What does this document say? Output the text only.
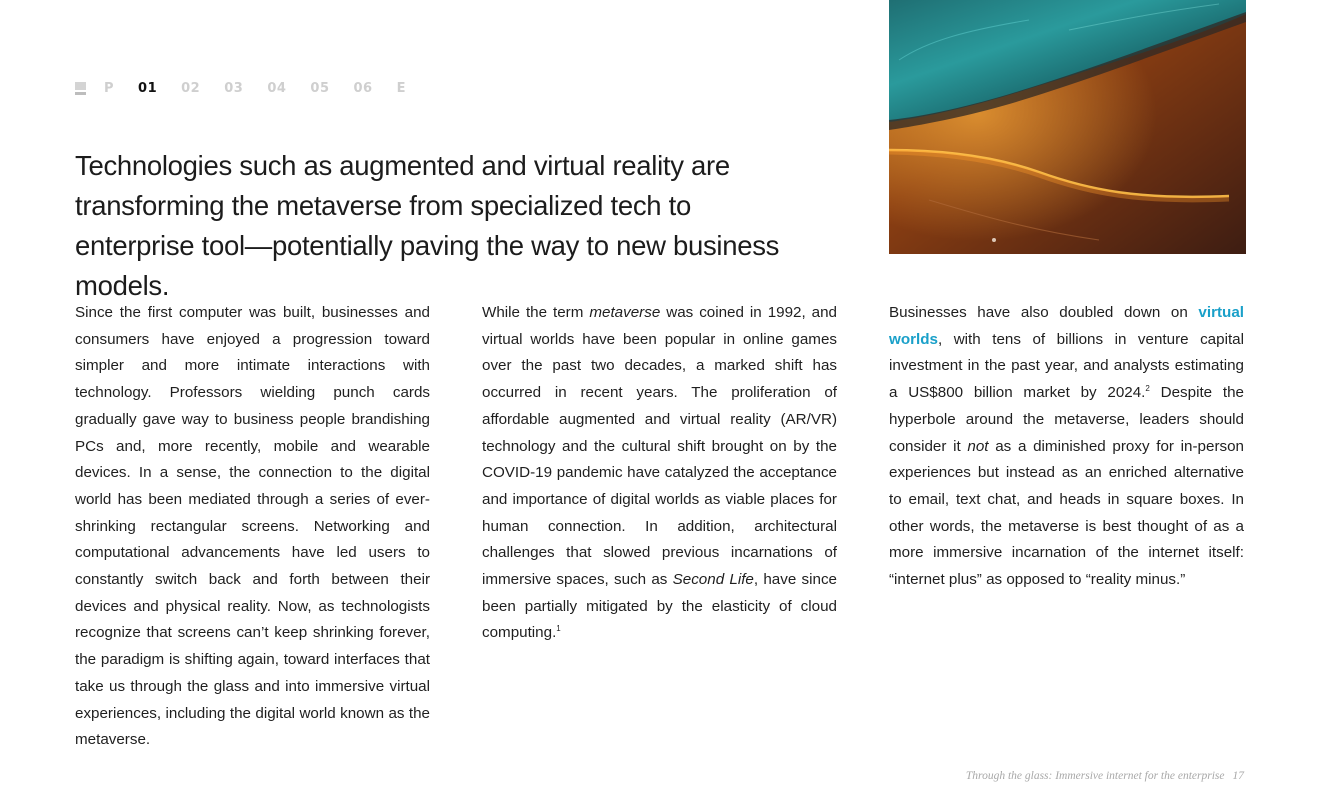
P 01 02 03 04 05 06 E
Technologies such as augmented and virtual reality are transforming the metaverse from specialized tech to enterprise tool—potentially paving the way to new business models.

Since the first computer was built, businesses and consumers have enjoyed a progression toward simpler and more intimate interactions with technology. Professors wielding punch cards gradually gave way to business people brandishing PCs and, more recently, mobile and wearable devices. In a sense, the connection to the digital world has been mediated through a series of ever-shrinking rectangular screens. Networking and computational advancements have led users to constantly switch back and forth between their devices and physical reality. Now, as technologists recognize that screens can’t keep shrinking forever, the paradigm is shifting again, toward interfaces that take us through the glass and into immersive virtual experiences, including the digital world known as the metaverse.

While the term metaverse was coined in 1992, and virtual worlds have been popular in online games over the past two decades, a marked shift has occurred in recent years. The proliferation of affordable augmented and virtual reality (AR/VR) technology and the cultural shift brought on by the COVID-19 pandemic have catalyzed the acceptance and importance of digital worlds as viable places for human connection. In addition, architectural challenges that slowed previous incarnations of immersive spaces, such as Second Life, have since been partially mitigated by the elasticity of cloud computing.$^1$

Businesses have also doubled down on virtual worlds, with tens of billions in venture capital investment in the past year, and analysts estimating a US$800 billion market by 2024.$^2$ Despite the hyperbole around the metaverse, leaders should consider it not as a diminished proxy for in-person experiences but instead as an enriched alternative to email, text chat, and heads in square boxes. In other words, the metaverse is best thought of as a more immersive incarnation of the internet itself: “internet plus” as opposed to “reality minus.”

Through the glass: Immersive internet for the enterprise 17
